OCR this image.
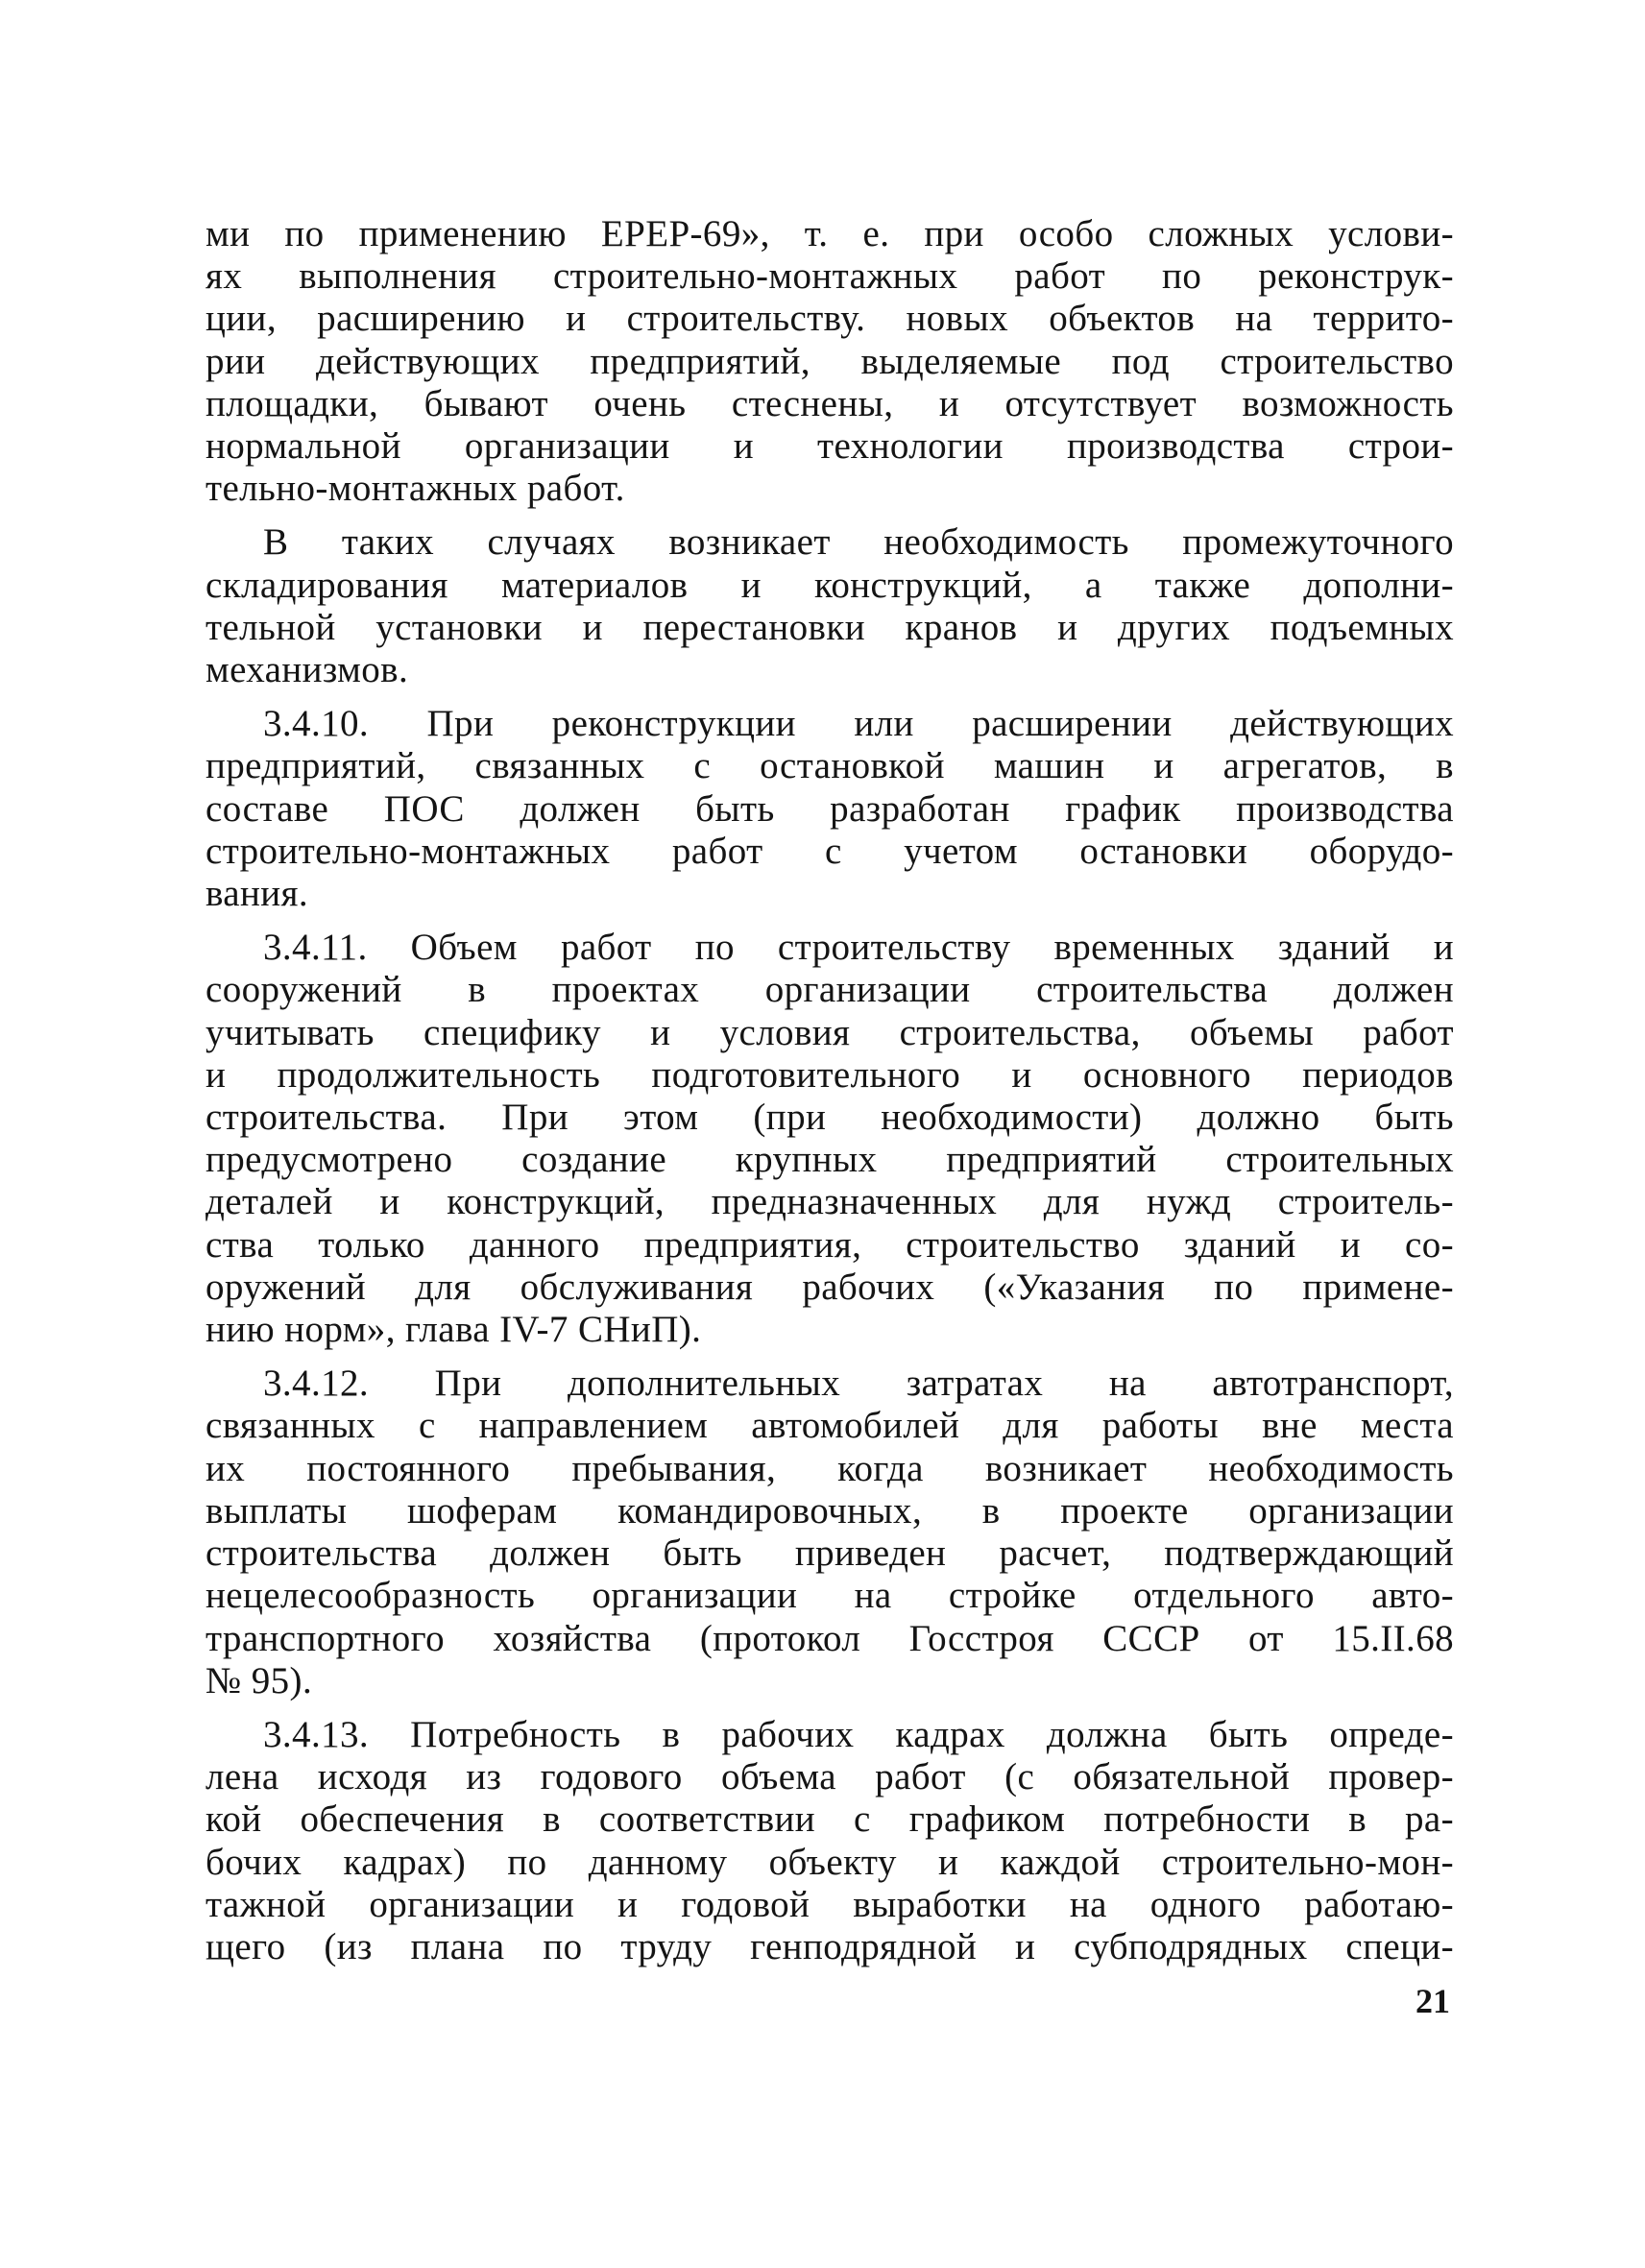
ми по применению ЕРЕР-69», т. е. при особо сложных услови-
ях выполнения строительно-монтажных работ по реконструк-
ции, расширению и строительству. новых объектов на террито-
рии действующих предприятий, выделяемые под строительство
площадки, бывают очень стеснены, и отсутствует возможность
нормальной организации и технологии производства строи-
тельно-монтажных работ.
В таких случаях возникает необходимость промежуточного
складирования материалов и конструкций, а также дополни-
тельной установки и перестановки кранов и других подъемных
механизмов.
3.4.10. При реконструкции или расширении действующих
предприятий, связанных с остановкой машин и агрегатов, в
составе ПОС должен быть разработан график производства
строительно-монтажных работ с учетом остановки оборудо-
вания.
3.4.11. Объем работ по строительству временных зданий и
сооружений в проектах организации строительства должен
учитывать специфику и условия строительства, объемы работ
и продолжительность подготовительного и основного периодов
строительства. При этом (при необходимости) должно быть
предусмотрено создание крупных предприятий строительных
деталей и конструкций, предназначенных для нужд строитель-
ства только данного предприятия, строительство зданий и со-
оружений для обслуживания рабочих («Указания по примене-
нию норм», глава IV-7 СНиП).
3.4.12. При дополнительных затратах на автотранспорт,
связанных с направлением автомобилей для работы вне места
их постоянного пребывания, когда возникает необходимость
выплаты шоферам командировочных, в проекте организации
строительства должен быть приведен расчет, подтверждающий
нецелесообразность организации на стройке отдельного авто-
транспортного хозяйства (протокол Госстроя СССР от 15.II.68
№ 95).
3.4.13. Потребность в рабочих кадрах должна быть опреде-
лена исходя из годового объема работ (с обязательной провер-
кой обеспечения в соответствии с графиком потребности в ра-
бочих кадрах) по данному объекту и каждой строительно-мон-
тажной организации и годовой выработки на одного работаю-
щего (из плана по труду генподрядной и субподрядных специ-
21
